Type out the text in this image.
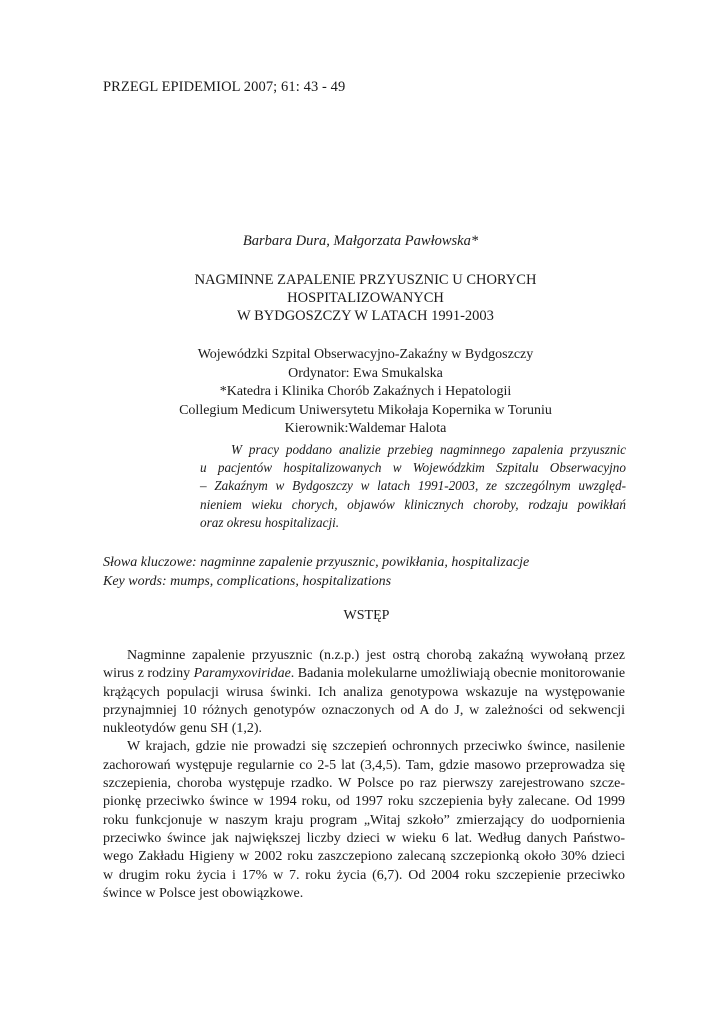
PRZEGL EPIDEMIOL 2007; 61: 43 - 49
Barbara Dura, Małgorzata Pawłowska*
NAGMINNE ZAPALENIE PRZYUSZNIC U CHORYCH
HOSPITALIZOWANYCH
W BYDGOSZCZY W LATACH 1991-2003
Wojewódzki Szpital Obserwacyjno-Zakaźny w Bydgoszczy
Ordynator: Ewa Smukalska
*Katedra i Klinika Chorób Zakaźnych i Hepatologii
Collegium Medicum Uniwersytetu Mikołaja Kopernika w Toruniu
Kierownik:Waldemar Halota
W pracy poddano analizie przebieg nagminnego zapalenia przyusznic
u pacjentów hospitalizowanych w Wojewódzkim Szpitalu Obserwacyjno
– Zakaźnym w Bydgoszczy w latach 1991-2003, ze szczególnym uwzględ-
nieniem wieku chorych, objawów klinicznych choroby, rodzaju powikłań
oraz okresu hospitalizacji.
Słowa kluczowe: nagminne zapalenie przyusznic, powikłania, hospitalizacje
Key words: mumps, complications, hospitalizations
WSTĘP
Nagminne zapalenie przyusznic (n.z.p.) jest ostrą chorobą zakaźną wywołaną przez
wirus z rodziny Paramyxoviridae. Badania molekularne umożliwiają obecnie monitorowanie
krążących populacji wirusa świnki. Ich analiza genotypowa wskazuje na występowanie
przynajmniej 10 różnych genotypów oznaczonych od A do J, w zależności od sekwencji
nukleotydów genu SH (1,2).
W krajach, gdzie nie prowadzi się szczepień ochronnych przeciwko śwince, nasilenie
zachorowań występuje regularnie co 2-5 lat (3,4,5). Tam, gdzie masowo przeprowadza się
szczepienia, choroba występuje rzadko. W Polsce po raz pierwszy zarejestrowano szcze-
pionkę przeciwko śwince w 1994 roku, od 1997 roku szczepienia były zalecane. Od 1999
roku funkcjonuje w naszym kraju program „Witaj szkoło” zmierzający do uodpornienia
przeciwko śwince jak największej liczby dzieci w wieku 6 lat. Według danych Państwo-
wego Zakładu Higieny w 2002 roku zaszczepiono zalecaną szczepionką około 30% dzieci
w drugim roku życia i 17% w 7. roku życia (6,7). Od 2004 roku szczepienie przeciwko
śwince w Polsce jest obowiązkowe.
